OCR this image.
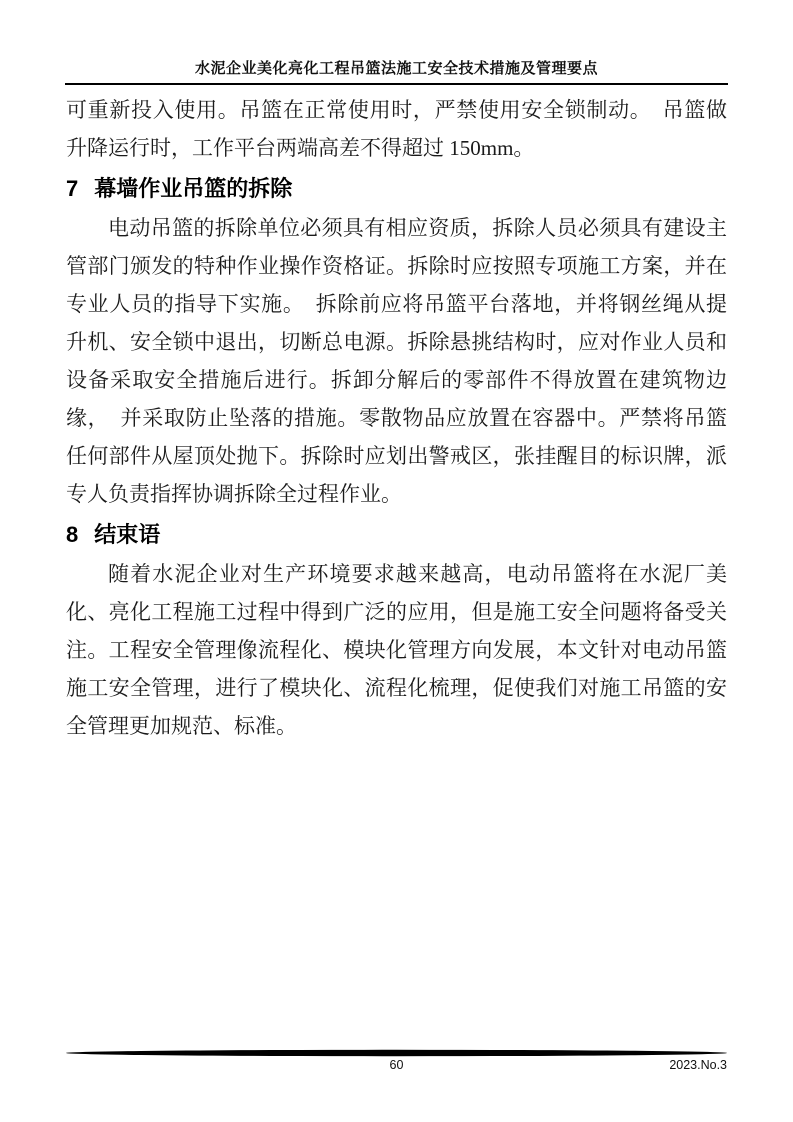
水泥企业美化亮化工程吊篮法施工安全技术措施及管理要点

可重新投入使用。吊篮在正常使用时，严禁使用安全锁制动。　吊篮做升降运行时，工作平台两端高差不得超过 150mm。

7 幕墙作业吊篮的拆除

电动吊篮的拆除单位必须具有相应资质，拆除人员必须具有建设主管部门颁发的特种作业操作资格证。拆除时应按照专项施工方案，并在专业人员的指导下实施。　拆除前应将吊篮平台落地，并将钢丝绳从提升机、安全锁中退出，切断总电源。拆除悬挑结构时，应对作业人员和设备采取安全措施后进行。拆卸分解后的零部件不得放置在建筑物边缘，　并采取防止坠落的措施。零散物品应放置在容器中。严禁将吊篮任何部件从屋顶处抛下。拆除时应划出警戒区，张挂醒目的标识牌，派专人负责指挥协调拆除全过程作业。

8 结束语

随着水泥企业对生产环境要求越来越高，电动吊篮将在水泥厂美化、亮化工程施工过程中得到广泛的应用，但是施工安全问题将备受关注。工程安全管理像流程化、模块化管理方向发展，本文针对电动吊篮施工安全管理，进行了模块化、流程化梳理，促使我们对施工吊篮的安全管理更加规范、标准。

60	2023.No.3
